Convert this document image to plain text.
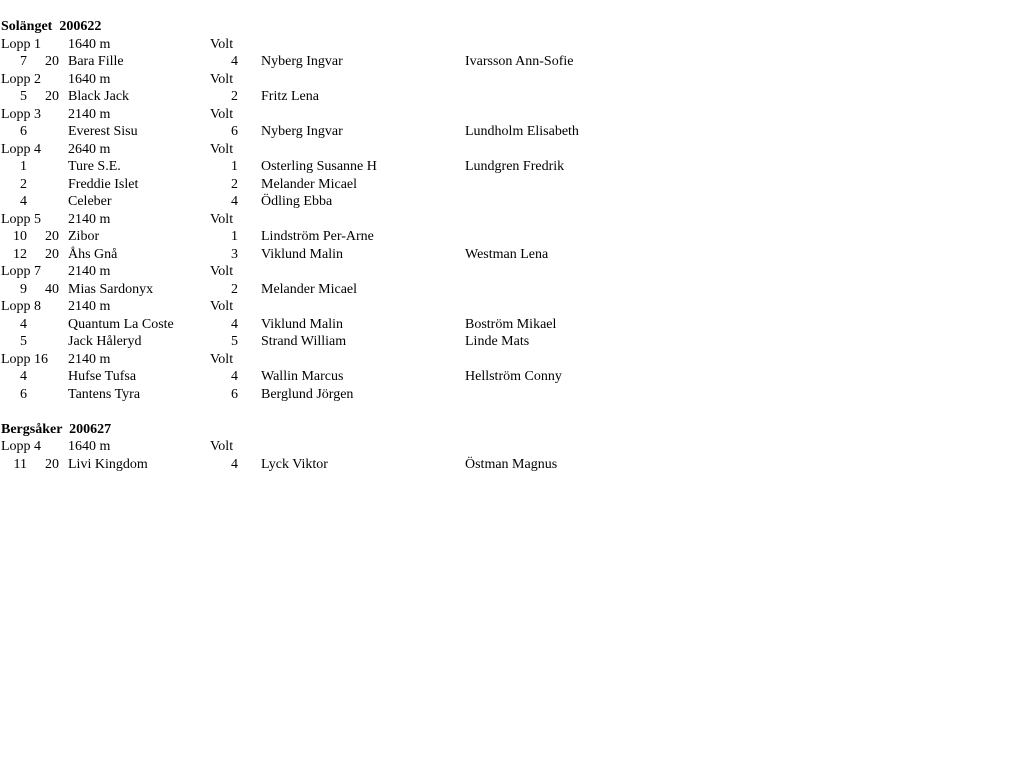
Solänget  200622
Lopp 1 1640 m	Volt
7	20 Bara Fille	4 Nyberg Ingvar	Ivarsson Ann-Sofie
Lopp 2 1640 m	Volt
5	20 Black Jack	2 Fritz Lena
Lopp 3 2140 m	Volt
6	Everest Sisu	6 Nyberg Ingvar	Lundholm Elisabeth
Lopp 4 2640 m	Volt
1	Ture S.E.	1 Osterling Susanne H	Lundgren Fredrik
2	Freddie Islet	2 Melander Micael
4	Celeber	4 Ödling Ebba
Lopp 5 2140 m	Volt
10	20 Zibor	1 Lindström Per-Arne
12	20 Åhs Gnå	3 Viklund Malin	Westman Lena
Lopp 7 2140 m	Volt
9	40 Mias Sardonyx	2 Melander Micael
Lopp 8 2140 m	Volt
4	Quantum La Coste	4 Viklund Malin	Boström Mikael
5	Jack Håleryd	5 Strand William	Linde Mats
Lopp 16 2140 m	Volt
4	Hufse Tufsa	4 Wallin Marcus	Hellström Conny
6	Tantens Tyra	6 Berglund Jörgen
Bergsåker  200627
Lopp 4 1640 m	Volt
11	20 Livi Kingdom	4 Lyck Viktor	Östman Magnus
